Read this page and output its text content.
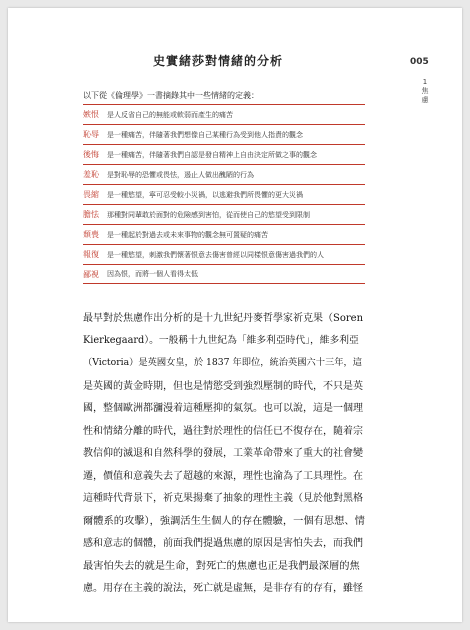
史實緒莎對情緒的分析	005
1
焦慮
以下從《倫理學》一書摘錄其中一些情緒的定義：
嫉恨	是人反省自己的無能或軟弱而產生的痛苦
恥辱	是一種痛苦，伴隨著我們想像自己某種行為受到他人指責的觀念
後悔	是一種痛苦，伴隨著我們自認是發自精神上自由決定所做之事的觀念
羞恥	是對恥辱的恐懼或畏怯，遏止人做出醜陋的行為
畏縮	是一種慾望，寧可忍受較小災禍，以逃避我們所畏懼的更大災禍
膽怯	那種對同輩敢於面對的危險感到害怕，從而使自己的慾望受到限制
頹喪	是一種起於對過去或未來事物的觀念無可置疑的痛苦
報復	是一種慾望，刺激我們懷著恨意去傷害曾經以同樣恨意傷害過我們的人
鄙視	因為恨，而將一個人看得太低
最早對於焦慮作出分析的是十九世紀丹麥哲學家祈克果（Soren
Kierkegaard）。一般稱十九世紀為「維多利亞時代」，維多利亞
（Victoria）是英國女皇，於 1837 年即位，統治英國六十三年，這
是英國的黃金時期，但也是情慾受到強烈壓制的時代，不只是英
國，整個歐洲都瀰漫着這種壓抑的氣氛。也可以說，這是一個理
性和情緒分離的時代，過往對於理性的信任已不復存在，隨着宗
教信仰的滅退和自然科學的發展，工業革命帶來了重大的社會變
遷，價值和意義失去了超越的來源，理性也淪為了工具理性。在
這種時代背景下，祈克果揚棄了抽象的理性主義（見於他對黑格
爾體系的攻擊），強調活生生個人的存在體驗，一個有思想、情
感和意志的個體，前面我們提過焦慮的原因是害怕失去，而我們
最害怕失去的就是生命，對死亡的焦慮也正是我們最深層的焦
慮。用存在主義的說法，死亡就是虛無，是非存有的存有，雖怪
